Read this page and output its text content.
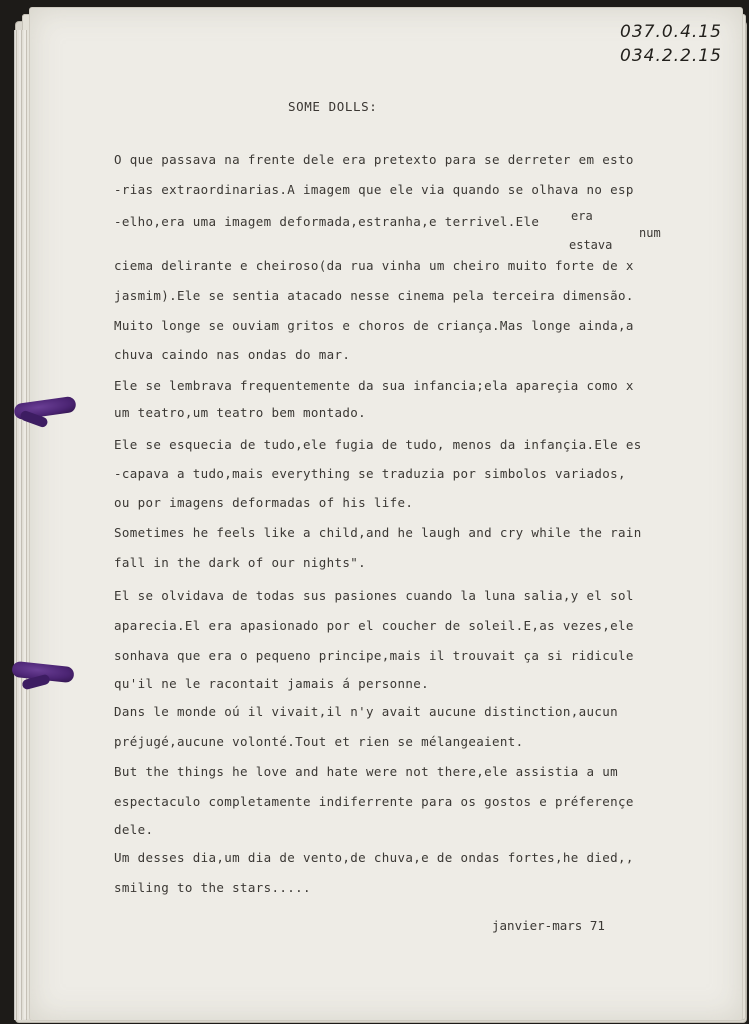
037.0.4.15
034.2.2.15
SOME DOLLS:
O que passava na frente dele era pretexto para se derreter em esto
-rias extraordinarias.A imagem que ele via quando se olhava no esp
-elho,era uma imagem deformada,estranha,e terrivel.Ele	era
num
estava
ciema delirante e cheiroso(da rua vinha um cheiro muito forte de x
jasmim).Ele se sentia atacado nesse cinema pela terceira dimensão.
Muito longe se ouviam gritos e choros de criança.Mas longe ainda,a
chuva caindo nas ondas do mar.
Ele se lembrava frequentemente da sua infancia;ela apareçia como x
um teatro,um teatro bem montado.
Ele se esquecia de tudo,ele fugia de tudo, menos da infançia.Ele es
-capava a tudo,mais everything se traduzia por simbolos variados,
ou por imagens deformadas of his life.
Sometimes he feels like a child,and he laugh and cry while the rain
fall in the dark of our nights".
El se olvidava de todas sus pasiones cuando la luna salia,y el sol
aparecia.El era apasionado por el coucher de soleil.E,as vezes,ele
sonhava que era o pequeno principe,mais il trouvait ça si ridicule
qu'il ne le racontait jamais á personne.
Dans le monde oú il vivait,il n'y avait aucune distinction,aucun
préjugé,aucune volonté.Tout et rien se mélangeaient.
But the things he love and hate were not there,ele assistia a um
espectaculo completamente indiferrente para os gostos e préferençe
dele.
Um desses dia,um dia de vento,de chuva,e de ondas fortes,he died,,
smiling to the stars.....
janvier-mars 71
